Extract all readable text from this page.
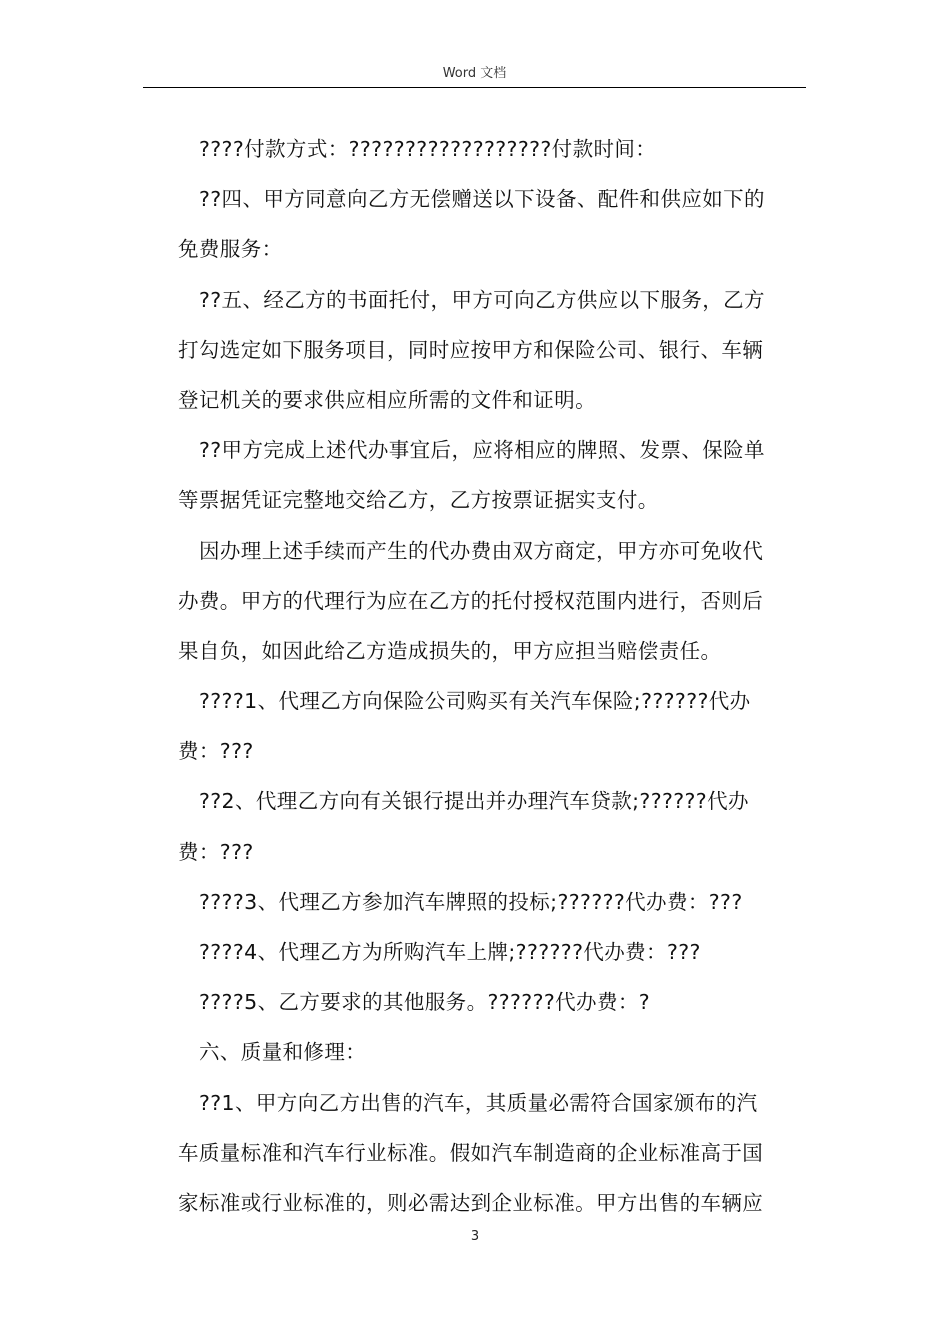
Word 文档
????付款方式：??????????????????付款时间：
??四、甲方同意向乙方无偿赠送以下设备、配件和供应如下的
免费服务：
??五、经乙方的书面托付，甲方可向乙方供应以下服务，乙方
打勾选定如下服务项目，同时应按甲方和保险公司、银行、车辆
登记机关的要求供应相应所需的文件和证明。
??甲方完成上述代办事宜后，应将相应的牌照、发票、保险单
等票据凭证完整地交给乙方，乙方按票证据实支付。
因办理上述手续而产生的代办费由双方商定，甲方亦可免收代
办费。甲方的代理行为应在乙方的托付授权范围内进行，否则后
果自负，如因此给乙方造成损失的，甲方应担当赔偿责任。
????1、代理乙方向保险公司购买有关汽车保险;??????代办
费：???
??2、代理乙方向有关银行提出并办理汽车贷款;??????代办
费：???
????3、代理乙方参加汽车牌照的投标;??????代办费：???
????4、代理乙方为所购汽车上牌;??????代办费：???
????5、乙方要求的其他服务。??????代办费：?
六、质量和修理：
??1、甲方向乙方出售的汽车，其质量必需符合国家颁布的汽
车质量标准和汽车行业标准。假如汽车制造商的企业标准高于国
家标准或行业标准的，则必需达到企业标准。甲方出售的车辆应
3
